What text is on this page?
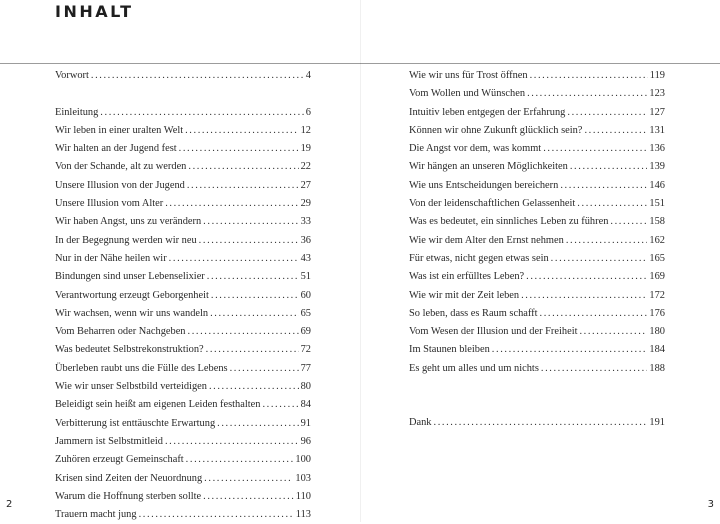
INHALT
Vorwort .....	4
Einleitung .....	6
Wir leben in einer uralten Welt .....	12
Wir halten an der Jugend fest .....	19
Von der Schande, alt zu werden .....	22
Unsere Illusion von der Jugend .....	27
Unsere Illusion vom Alter .....	29
Wir haben Angst, uns zu verändern .....	33
In der Begegnung werden wir neu .....	36
Nur in der Nähe heilen wir .....	43
Bindungen sind unser Lebenselixier .....	51
Verantwortung erzeugt Geborgenheit .....	60
Wir wachsen, wenn wir uns wandeln .....	65
Vom Beharren oder Nachgeben .....	69
Was bedeutet Selbstrekonstruktion? .....	72
Überleben raubt uns die Fülle des Lebens .....	77
Wie wir unser Selbstbild verteidigen .....	80
Beleidigt sein heißt am eigenen Leiden festhalten .....	84
Verbitterung ist enttäuschte Erwartung .....	91
Jammern ist Selbstmitleid .....	96
Zuhören erzeugt Gemeinschaft .....	100
Krisen sind Zeiten der Neuordnung .....	103
Warum die Hoffnung sterben sollte .....	110
Trauern macht jung .....	113
Wie wir uns für Trost öffnen .....	119
Vom Wollen und Wünschen .....	123
Intuitiv leben entgegen der Erfahrung .....	127
Können wir ohne Zukunft glücklich sein? .....	131
Die Angst vor dem, was kommt .....	136
Wir hängen an unseren Möglichkeiten .....	139
Wie uns Entscheidungen bereichern .....	146
Von der leidenschaftlichen Gelassenheit .....	151
Was es bedeutet, ein sinnliches Leben zu führen .....	158
Wie wir dem Alter den Ernst nehmen .....	162
Für etwas, nicht gegen etwas sein .....	165
Was ist ein erfülltes Leben? .....	169
Wie wir mit der Zeit leben .....	172
So leben, dass es Raum schafft .....	176
Vom Wesen der Illusion und der Freiheit .....	180
Im Staunen bleiben .....	184
Es geht um alles und um nichts .....	188
Dank .....	191
2	3
